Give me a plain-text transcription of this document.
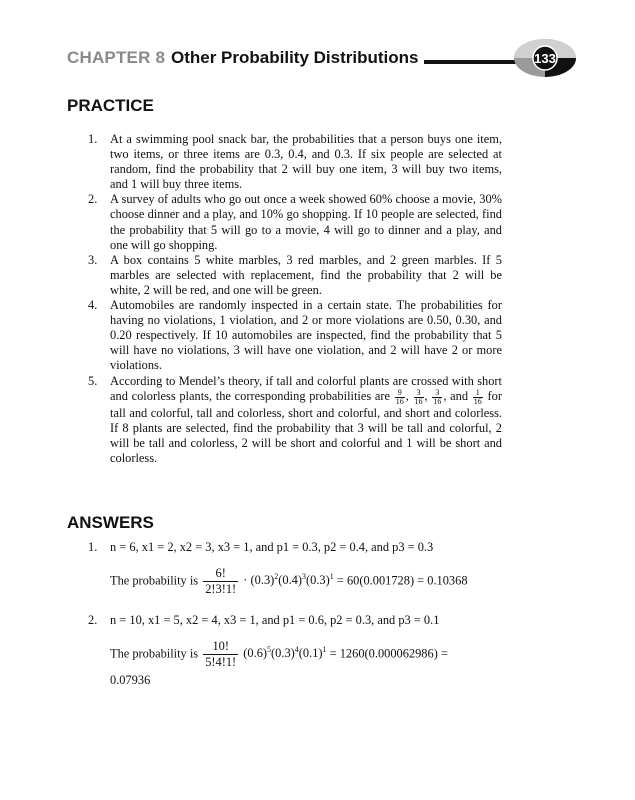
CHAPTER 8 Other Probability Distributions	133
PRACTICE
1. At a swimming pool snack bar, the probabilities that a person buys one item, two items, or three items are 0.3, 0.4, and 0.3. If six people are selected at random, find the probability that 2 will buy one item, 3 will buy two items, and 1 will buy three items.
2. A survey of adults who go out once a week showed 60% choose a movie, 30% choose dinner and a play, and 10% go shopping. If 10 people are selected, find the probability that 5 will go to a movie, 4 will go to dinner and a play, and one will go shopping.
3. A box contains 5 white marbles, 3 red marbles, and 2 green marbles. If 5 marbles are selected with replacement, find the probability that 2 will be white, 2 will be red, and one will be green.
4. Automobiles are randomly inspected in a certain state. The probabilities for having no violations, 1 violation, and 2 or more violations are 0.50, 0.30, and 0.20 respectively. If 10 automobiles are inspected, find the probability that 5 will have no violations, 3 will have one violation, and 2 will have 2 or more violations.
5. According to Mendel’s theory, if tall and colorful plants are crossed with short and colorless plants, the corresponding probabilities are $\frac{9}{16}$ , $\frac{3}{16}$ , $\frac{3}{16}$ , and $\frac{1}{16}$ for tall and colorful, tall and colorless, short and colorful, and short and colorless. If 8 plants are selected, find the probability that 3 will be tall and colorful, 2 will be tall and colorless, 2 will be short and colorful and 1 will be short and colorless.
ANSWERS
1. n = 6, x1 = 2, x2 = 3, x3 = 1, and p1 = 0.3, p2 = 0.4, and p3 = 0.3
The probability is $\frac{6!}{2!3!1!} \cdot (0.3)^2(0.4)^3(0.3)^1 = 60(0.001728) = 0.10368$
2. n = 10, x1 = 5, x2 = 4, x3 = 1, and p1 = 0.6, p2 = 0.3, and p3 = 0.1
The probability is $\frac{10!}{5!4!1!} (0.6)^5(0.3)^4(0.1)^1 = 1260(0.000062986)$ =
0.07936
